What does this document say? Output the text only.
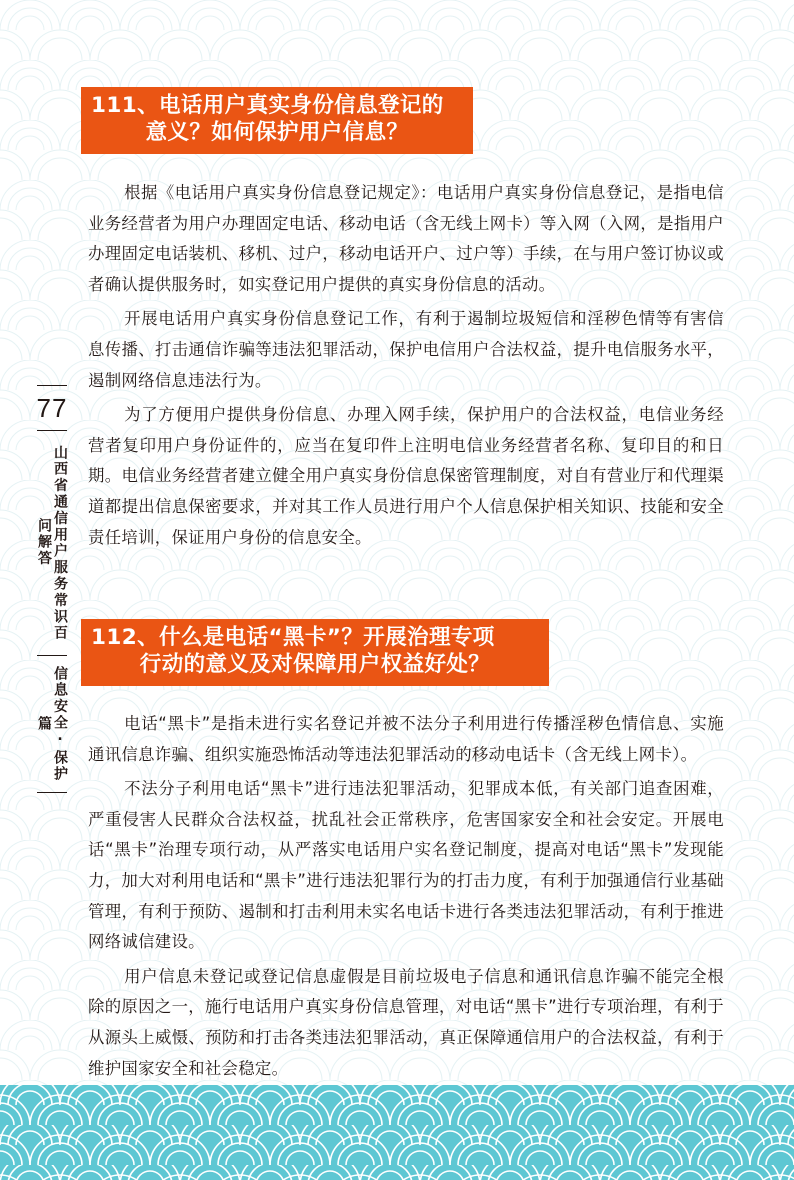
77
山西省通信用户服务常识百问解答
信息安全·保护篇
111、电话用户真实身份信息登记的
意义？如何保护用户信息？

根据《电话用户真实身份信息登记规定》：电话用户真实身份信息登记，是指电信业务经营者为用户办理固定电话、移动电话（含无线上网卡）等入网（入网，是指用户办理固定电话装机、移机、过户，移动电话开户、过户等）手续，在与用户签订协议或者确认提供服务时，如实登记用户提供的真实身份信息的活动。

开展电话用户真实身份信息登记工作，有利于遏制垃圾短信和淫秽色情等有害信息传播、打击通信诈骗等违法犯罪活动，保护电信用户合法权益，提升电信服务水平，遏制网络信息违法行为。

为了方便用户提供身份信息、办理入网手续，保护用户的合法权益，电信业务经营者复印用户身份证件的，应当在复印件上注明电信业务经营者名称、复印目的和日期。电信业务经营者建立健全用户真实身份信息保密管理制度，对自有营业厅和代理渠道都提出信息保密要求，并对其工作人员进行用户个人信息保护相关知识、技能和安全责任培训，保证用户身份的信息安全。

112、什么是电话“黑卡”？开展治理专项
行动的意义及对保障用户权益好处？

电话“黑卡”是指未进行实名登记并被不法分子利用进行传播淫秽色情信息、实施通讯信息诈骗、组织实施恐怖活动等违法犯罪活动的移动电话卡（含无线上网卡）。

不法分子利用电话“黑卡”进行违法犯罪活动，犯罪成本低，有关部门追查困难，严重侵害人民群众合法权益，扰乱社会正常秩序，危害国家安全和社会安定。开展电话“黑卡”治理专项行动，从严落实电话用户实名登记制度，提高对电话“黑卡”发现能力，加大对利用电话和“黑卡”进行违法犯罪行为的打击力度，有利于加强通信行业基础管理，有利于预防、遏制和打击利用未实名电话卡进行各类违法犯罪活动，有利于推进网络诚信建设。

用户信息未登记或登记信息虚假是目前垃圾电子信息和通讯信息诈骗不能完全根除的原因之一，施行电话用户真实身份信息管理，对电话“黑卡”进行专项治理，有利于从源头上威慑、预防和打击各类违法犯罪活动，真正保障通信用户的合法权益，有利于维护国家安全和社会稳定。
